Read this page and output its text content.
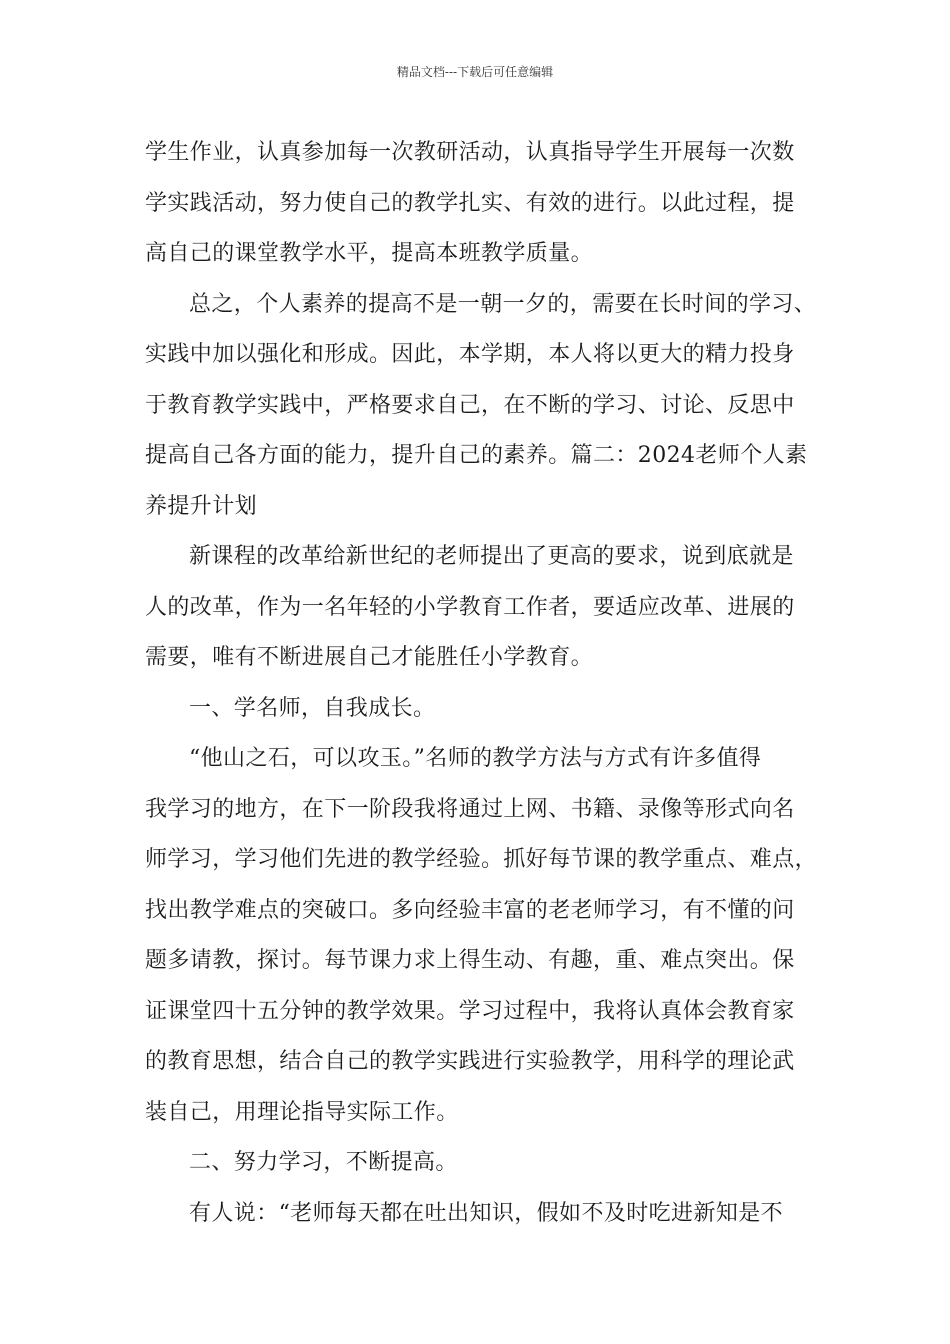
精品文档---下载后可任意编辑
学生作业，认真参加每一次教研活动，认真指导学生开展每一次数
学实践活动，努力使自己的教学扎实、有效的进行。以此过程，提
高自己的课堂教学水平，提高本班教学质量。
总之，个人素养的提高不是一朝一夕的，需要在长时间的学习、
实践中加以强化和形成。因此，本学期，本人将以更大的精力投身
于教育教学实践中，严格要求自己，在不断的学习、讨论、反思中
提高自己各方面的能力，提升自己的素养。篇二：2024老师个人素
养提升计划
新课程的改革给新世纪的老师提出了更高的要求，说到底就是
人的改革，作为一名年轻的小学教育工作者，要适应改革、进展的
需要，唯有不断进展自己才能胜任小学教育。
一、学名师，自我成长。
“他山之石，可以攻玉。”名师的教学方法与方式有许多值得
我学习的地方，在下一阶段我将通过上网、书籍、录像等形式向名
师学习，学习他们先进的教学经验。抓好每节课的教学重点、难点，
找出教学难点的突破口。多向经验丰富的老老师学习，有不懂的问
题多请教，探讨。每节课力求上得生动、有趣，重、难点突出。保
证课堂四十五分钟的教学效果。学习过程中，我将认真体会教育家
的教育思想，结合自己的教学实践进行实验教学，用科学的理论武
装自己，用理论指导实际工作。
二、努力学习，不断提高。
有人说：“老师每天都在吐出知识，假如不及时吃进新知是不
